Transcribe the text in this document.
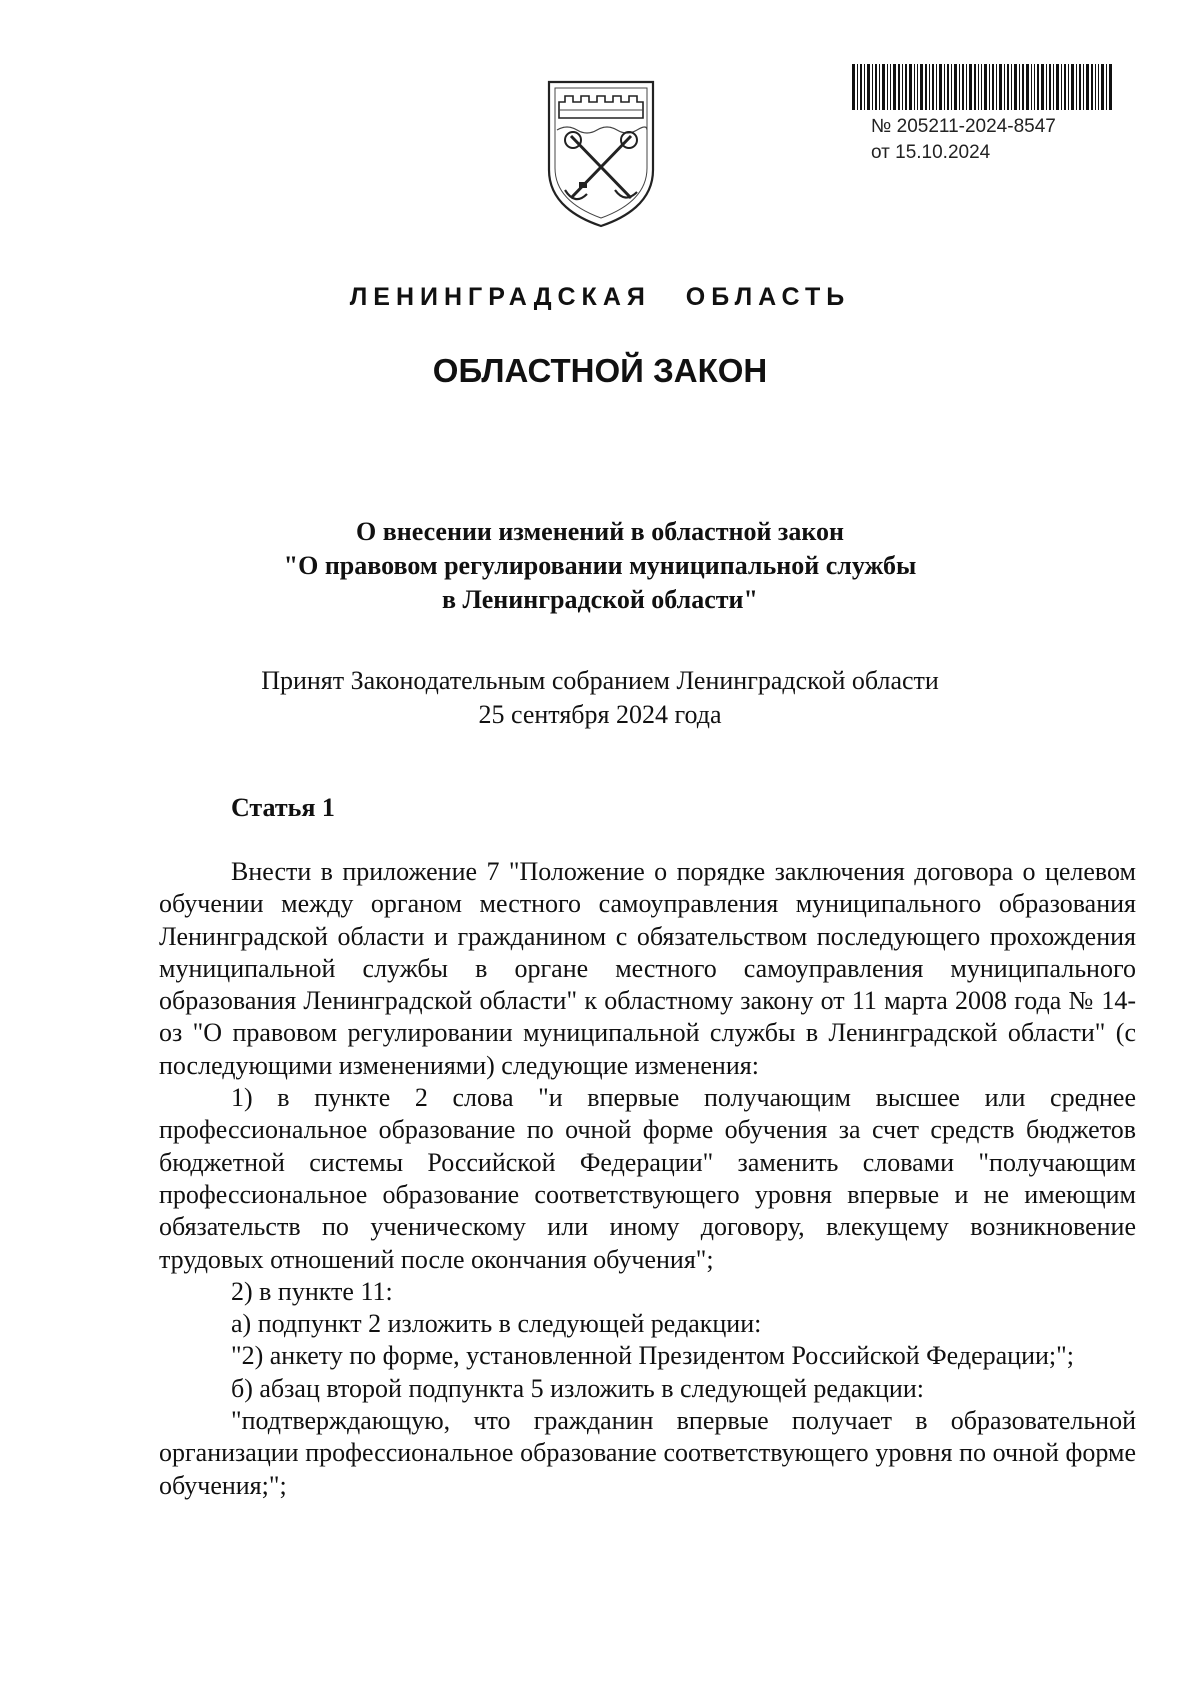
№ 205211-2024-8547
от 15.10.2024
ЛЕНИНГРАДСКАЯ ОБЛАСТЬ
ОБЛАСТНОЙ ЗАКОН
О внесении изменений в областной закон
"О правовом регулировании муниципальной службы
в Ленинградской области"
Принят Законодательным собранием Ленинградской области
25 сентября 2024 года
Статья 1

Внести в приложение 7 "Положение о порядке заключения договора о целевом обучении между органом местного самоуправления муниципального образования Ленинградской области и гражданином с обязательством последующего прохождения муниципальной службы в органе местного самоуправления муниципального образования Ленинградской области" к областному закону от 11 марта 2008 года № 14-оз "О правовом регулировании муниципальной службы в Ленинградской области" (с последующими изменениями) следующие изменения:

1) в пункте 2 слова "и впервые получающим высшее или среднее профессиональное образование по очной форме обучения за счет средств бюджетов бюджетной системы Российской Федерации" заменить словами "получающим профессиональное образование соответствующего уровня впервые и не имеющим обязательств по ученическому или иному договору, влекущему возникновение трудовых отношений после окончания обучения";

2) в пункте 11:

а) подпункт 2 изложить в следующей редакции:

"2) анкету по форме, установленной Президентом Российской Федерации;";

б) абзац второй подпункта 5 изложить в следующей редакции:

"подтверждающую, что гражданин впервые получает в образовательной организации профессиональное образование соответствующего уровня по очной форме обучения;";
